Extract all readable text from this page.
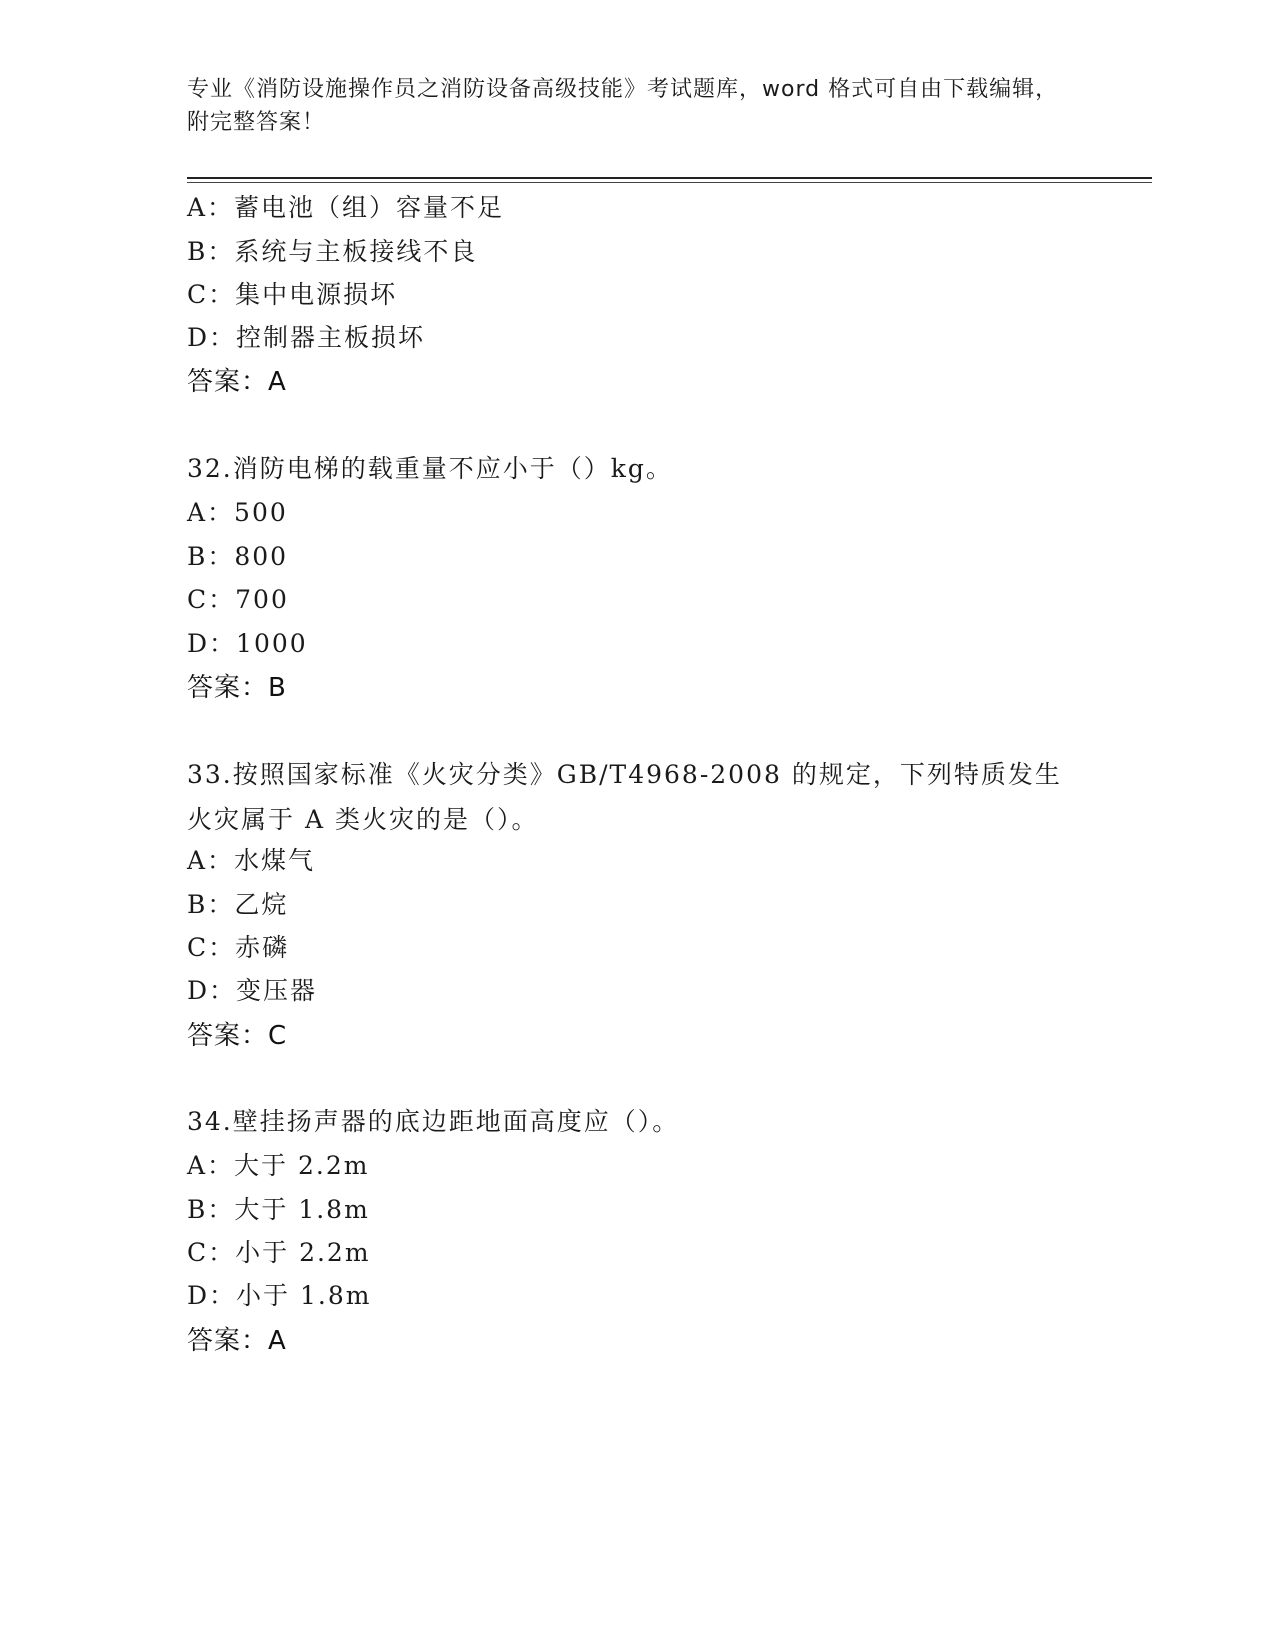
专业《消防设施操作员之消防设备高级技能》考试题库，word 格式可自由下载编辑，附完整答案！
A：蓄电池（组）容量不足
B：系统与主板接线不良
C：集中电源损坏
D：控制器主板损坏
答案：A
32.消防电梯的载重量不应小于（）kg。
A：500
B：800
C：700
D：1000
答案：B
33.按照国家标准《火灾分类》GB/T4968-2008 的规定，下列特质发生火灾属于 A 类火灾的是（）。
A：水煤气
B：乙烷
C：赤磷
D：变压器
答案：C
34.壁挂扬声器的底边距地面高度应（）。
A：大于 2.2m
B：大于 1.8m
C：小于 2.2m
D：小于 1.8m
答案：A
